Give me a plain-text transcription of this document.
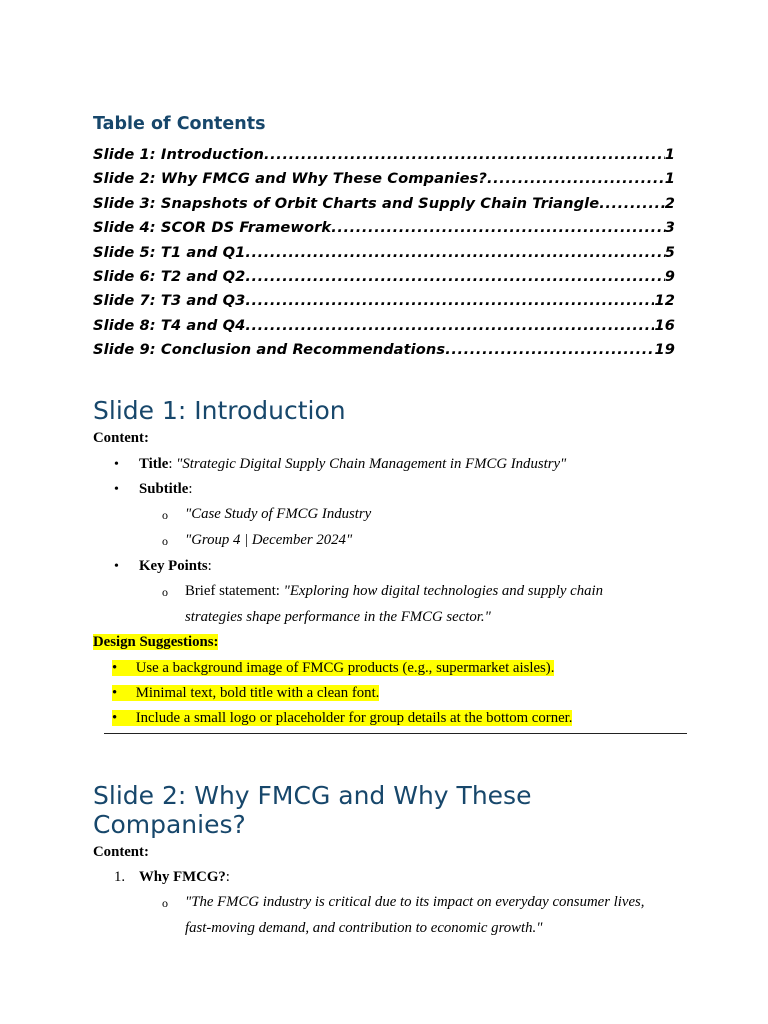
Table of Contents
Slide 1: Introduction .....	1
Slide 2: Why FMCG and Why These Companies? .....	1
Slide 3: Snapshots of Orbit Charts and Supply Chain Triangle .....	2
Slide 4: SCOR DS Framework .....	3
Slide 5: T1 and Q1 .....	5
Slide 6: T2 and Q2 .....	9
Slide 7: T3 and Q3 .....	12
Slide 8: T4 and Q4 .....	16
Slide 9: Conclusion and Recommendations .....	19
Slide 1: Introduction

Content:

• Title: "Strategic Digital Supply Chain Management in FMCG Industry"
• Subtitle:
o "Case Study of FMCG Industry
o "Group 4 | December 2024"
• Key Points:
o Brief statement: "Exploring how digital technologies and supply chain
strategies shape performance in the FMCG sector."
Design Suggestions:
• Use a background image of FMCG products (e.g., supermarket aisles).
• Minimal text, bold title with a clean font.
• Include a small logo or placeholder for group details at the bottom corner.
Slide 2: Why FMCG and Why These
Companies?

Content:

1. Why FMCG?:
o "The FMCG industry is critical due to its impact on everyday consumer lives,
fast-moving demand, and contribution to economic growth."
